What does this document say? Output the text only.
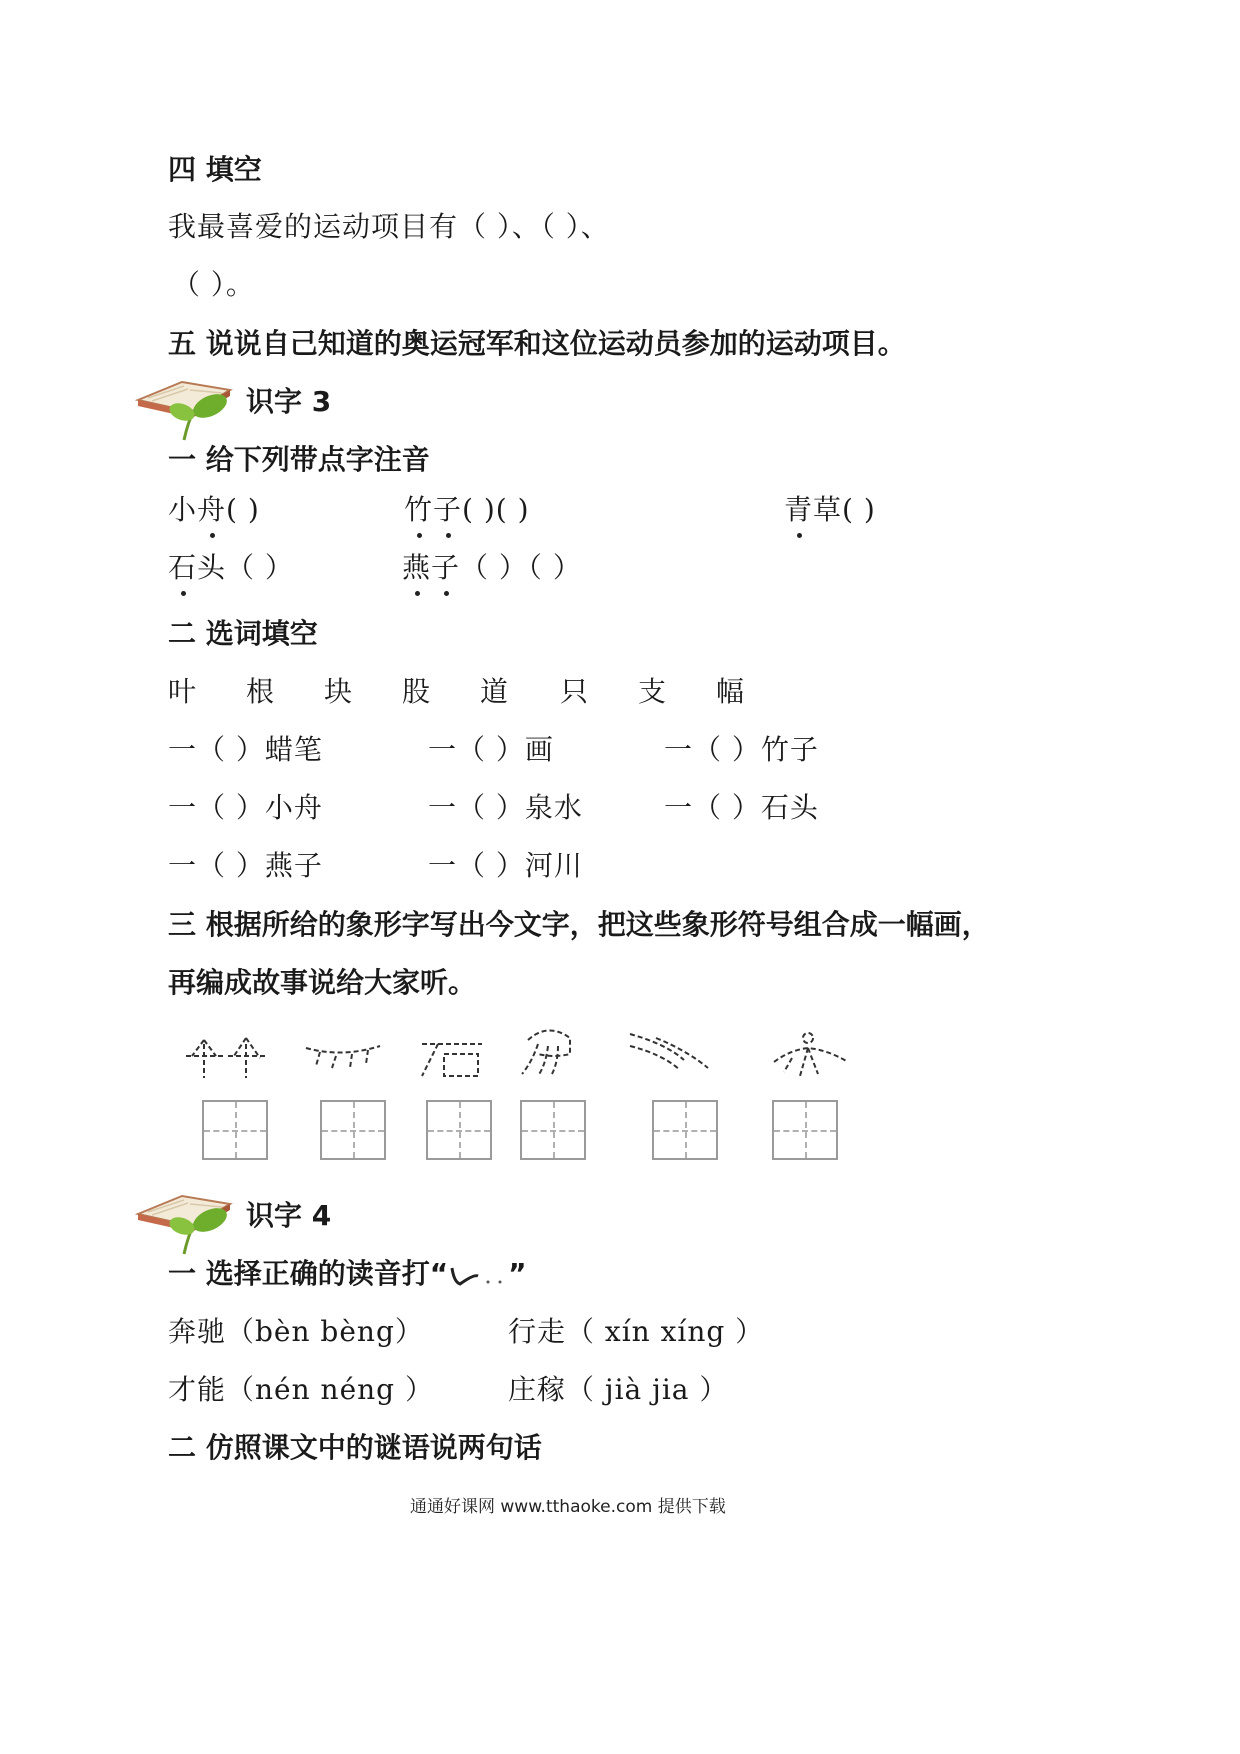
四 填空
我最喜爱的运动项目有（ ）、（ ）、
（ ）。
五 说说自己知道的奥运冠军和这位运动员参加的运动项目。
识字 3
一 给下列带点字注音
小舟( )	竹子( )( )	青草( )
石头（ ）	燕子（ ）（ ）
二 选词填空
叶 根 块 股 道 只 支 幅
一（ ）蜡笔	一（ ）画	一（ ）竹子
一（ ）小舟	一（ ）泉水	一（ ）石头
一（ ）燕子	一（ ）河川
三 根据所给的象形字写出今文字，把这些象形符号组合成一幅画，
再编成故事说给大家听。
识字 4
一 选择正确的读音打“ ”
奔驰（bèn bèng）	行走（ xín xíng ）
才能（nén néng ）	庄稼（ jià jia ）
二 仿照课文中的谜语说两句话
通通好课网 www.tthaoke.com 提供下载
